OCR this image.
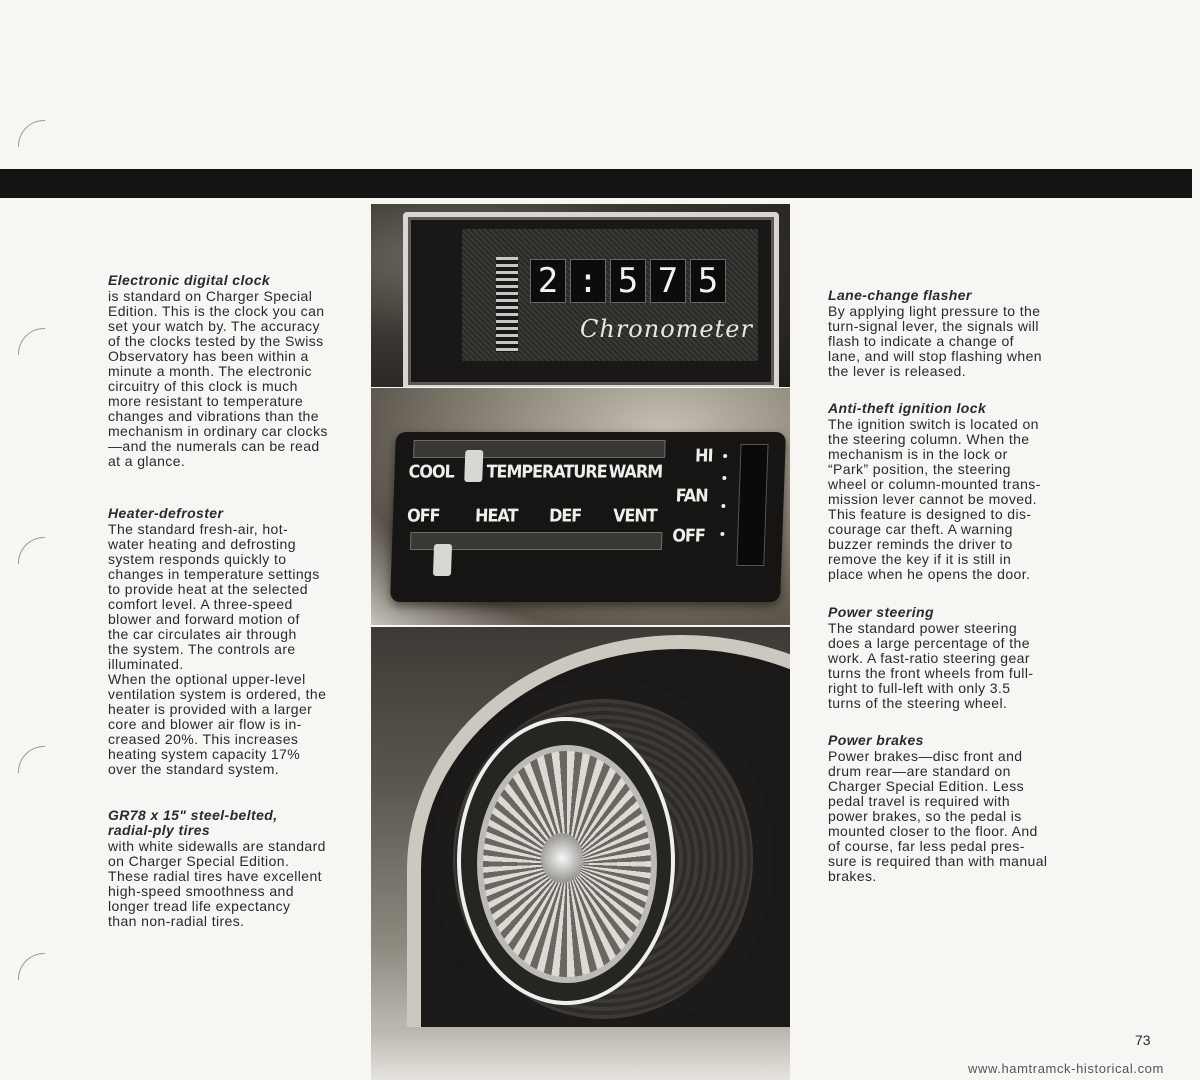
Electronic digital clock

is standard on Charger Special
Edition. This is the clock you can
set your watch by. The accuracy
of the clocks tested by the Swiss
Observatory has been within a
minute a month. The electronic
circuitry of this clock is much
more resistant to temperature
changes and vibrations than the
mechanism in ordinary car clocks
—and the numerals can be read
at a glance.

Heater-defroster

The standard fresh-air, hot-
water heating and defrosting
system responds quickly to
changes in temperature settings
to provide heat at the selected
comfort level. A three-speed
blower and forward motion of
the car circulates air through
the system. The controls are
illuminated.
When the optional upper-level
ventilation system is ordered, the
heater is provided with a larger
core and blower air flow is in-
creased 20%. This increases
heating system capacity 17%
over the standard system.

GR78 x 15" steel-belted,
radial-ply tires

with white sidewalls are standard
on Charger Special Edition.
These radial tires have excellent
high-speed smoothness and
longer tread life expectancy
than non-radial tires.

2 : 5 7 5
Chronometer
COOL TEMPERATURE WARM
OFF HEAT DEF VENT
HI
FAN
OFF

Lane-change flasher

By applying light pressure to the
turn-signal lever, the signals will
flash to indicate a change of
lane, and will stop flashing when
the lever is released.

Anti-theft ignition lock

The ignition switch is located on
the steering column. When the
mechanism is in the lock or
“Park” position, the steering
wheel or column-mounted trans-
mission lever cannot be moved.
This feature is designed to dis-
courage car theft. A warning
buzzer reminds the driver to
remove the key if it is still in
place when he opens the door.

Power steering

The standard power steering
does a large percentage of the
work. A fast-ratio steering gear
turns the front wheels from full-
right to full-left with only 3.5
turns of the steering wheel.

Power brakes

Power brakes—disc front and
drum rear—are standard on
Charger Special Edition. Less
pedal travel is required with
power brakes, so the pedal is
mounted closer to the floor. And
of course, far less pedal pres-
sure is required than with manual
brakes.

73
www.hamtramck-historical.com
